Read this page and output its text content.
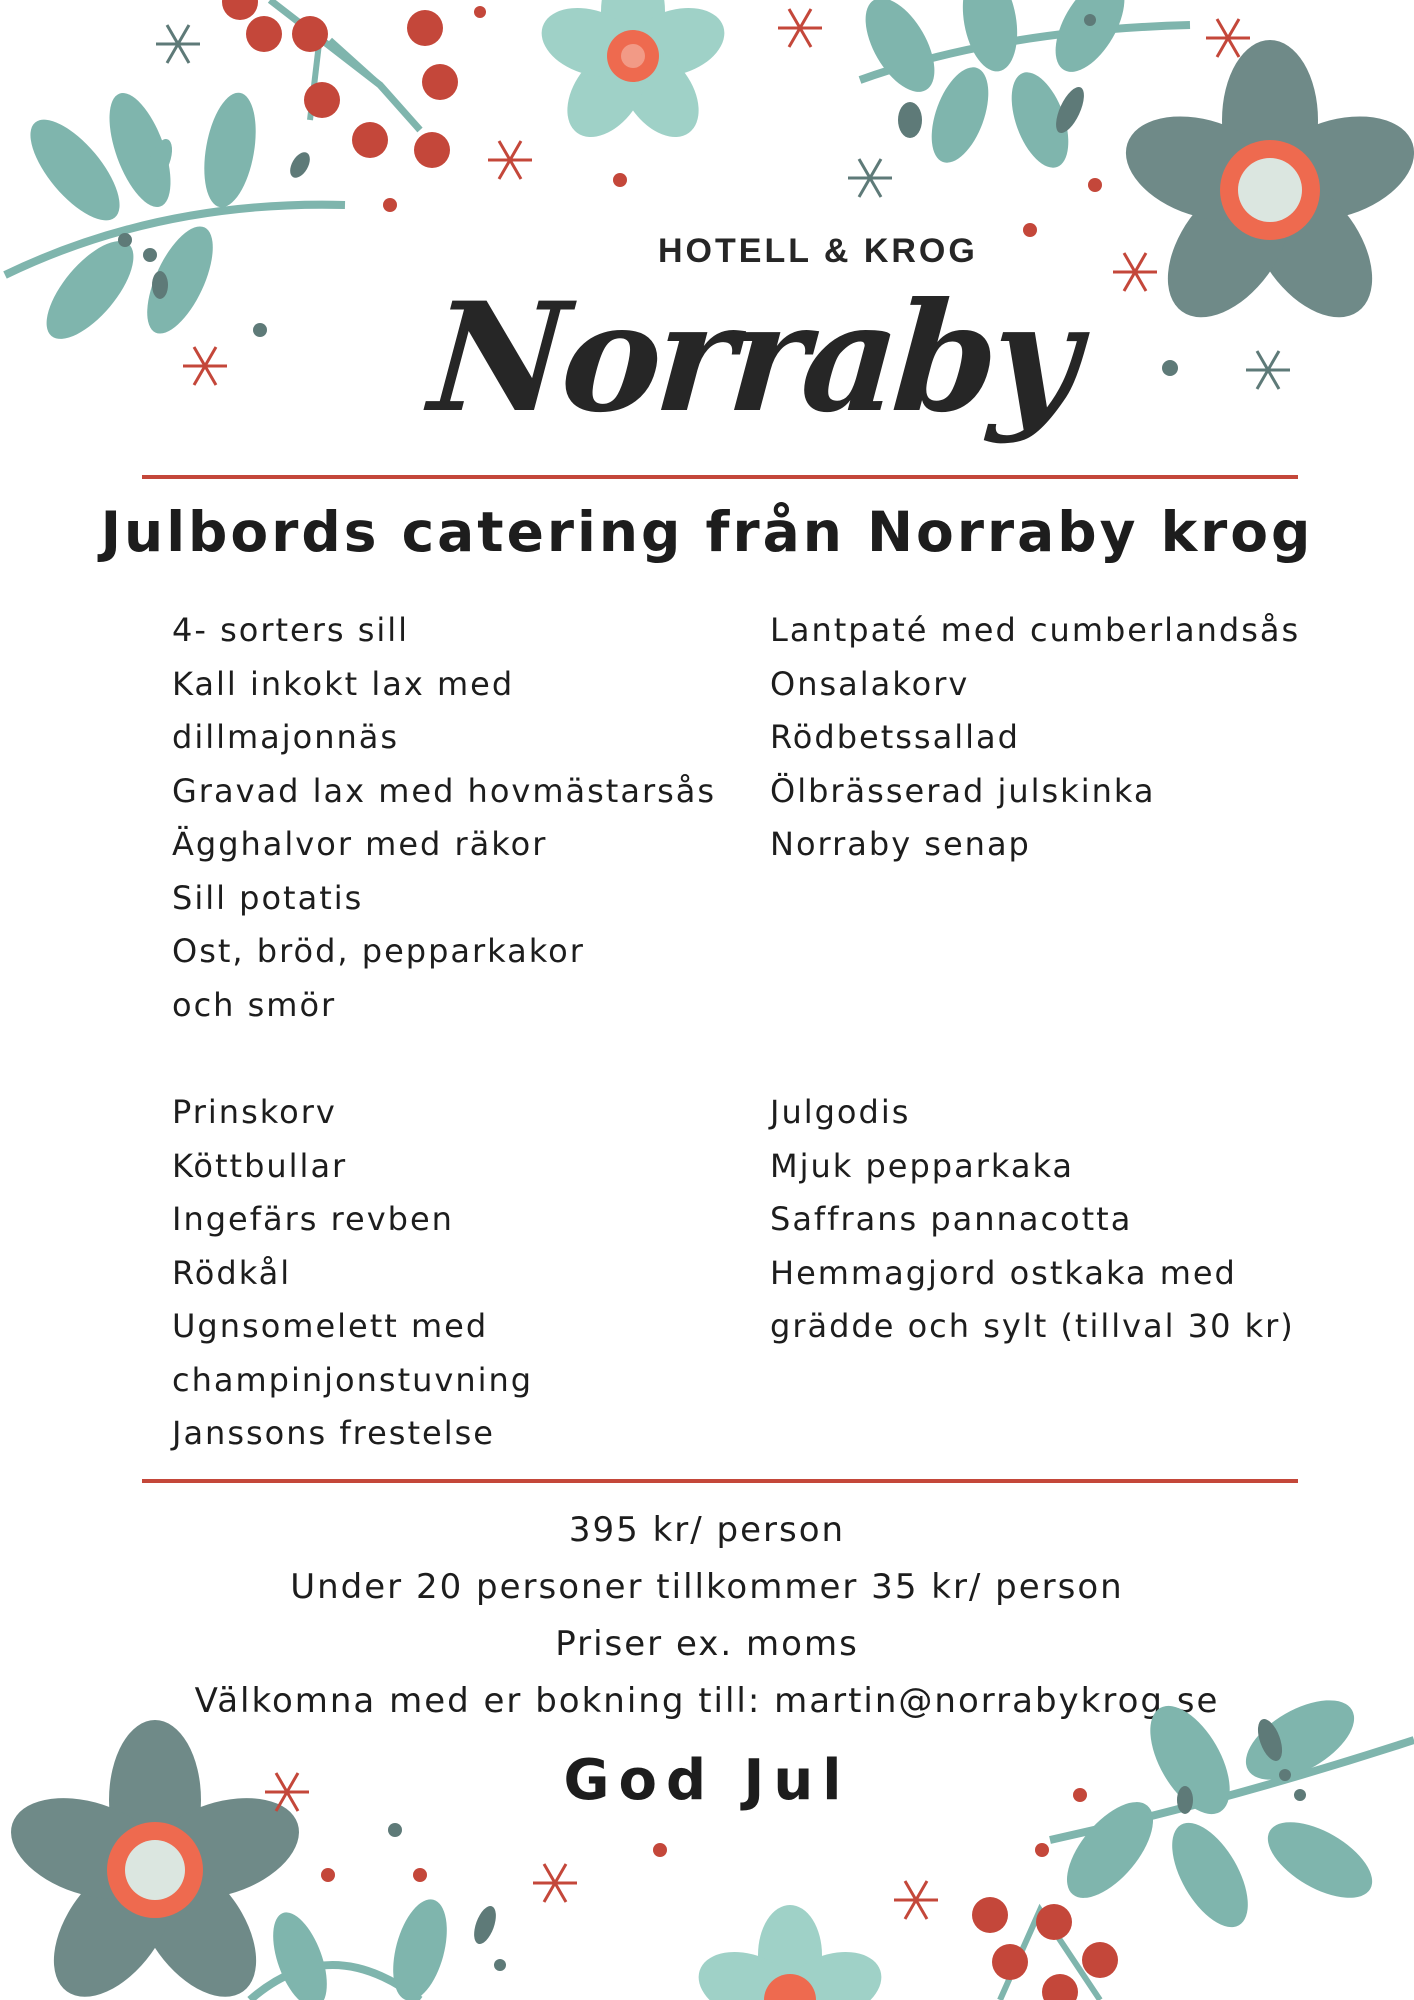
Norraby
HOTELL & KROG
Julbords catering från Norraby krog
4- sorters sill
Kall inkokt lax med
dillmajonnäs
Gravad lax med hovmästarsås
Ägghalvor med räkor
Sill potatis
Ost, bröd, pepparkakor
och smör
Lantpaté med cumberlandsås
Onsalakorv
Rödbetssallad
Ölbrässerad julskinka
Norraby senap
Prinskorv
Köttbullar
Ingefärs revben
Rödkål
Ugnsomelett med
champinjonstuvning
Janssons frestelse
Julgodis
Mjuk pepparkaka
Saffrans pannacotta
Hemmagjord ostkaka med
grädde och sylt (tillval 30 kr)
395 kr/ person
Under 20 personer tillkommer 35 kr/ person
Priser ex. moms
Välkomna med er bokning till: martin@norrabykrog.se
God Jul
